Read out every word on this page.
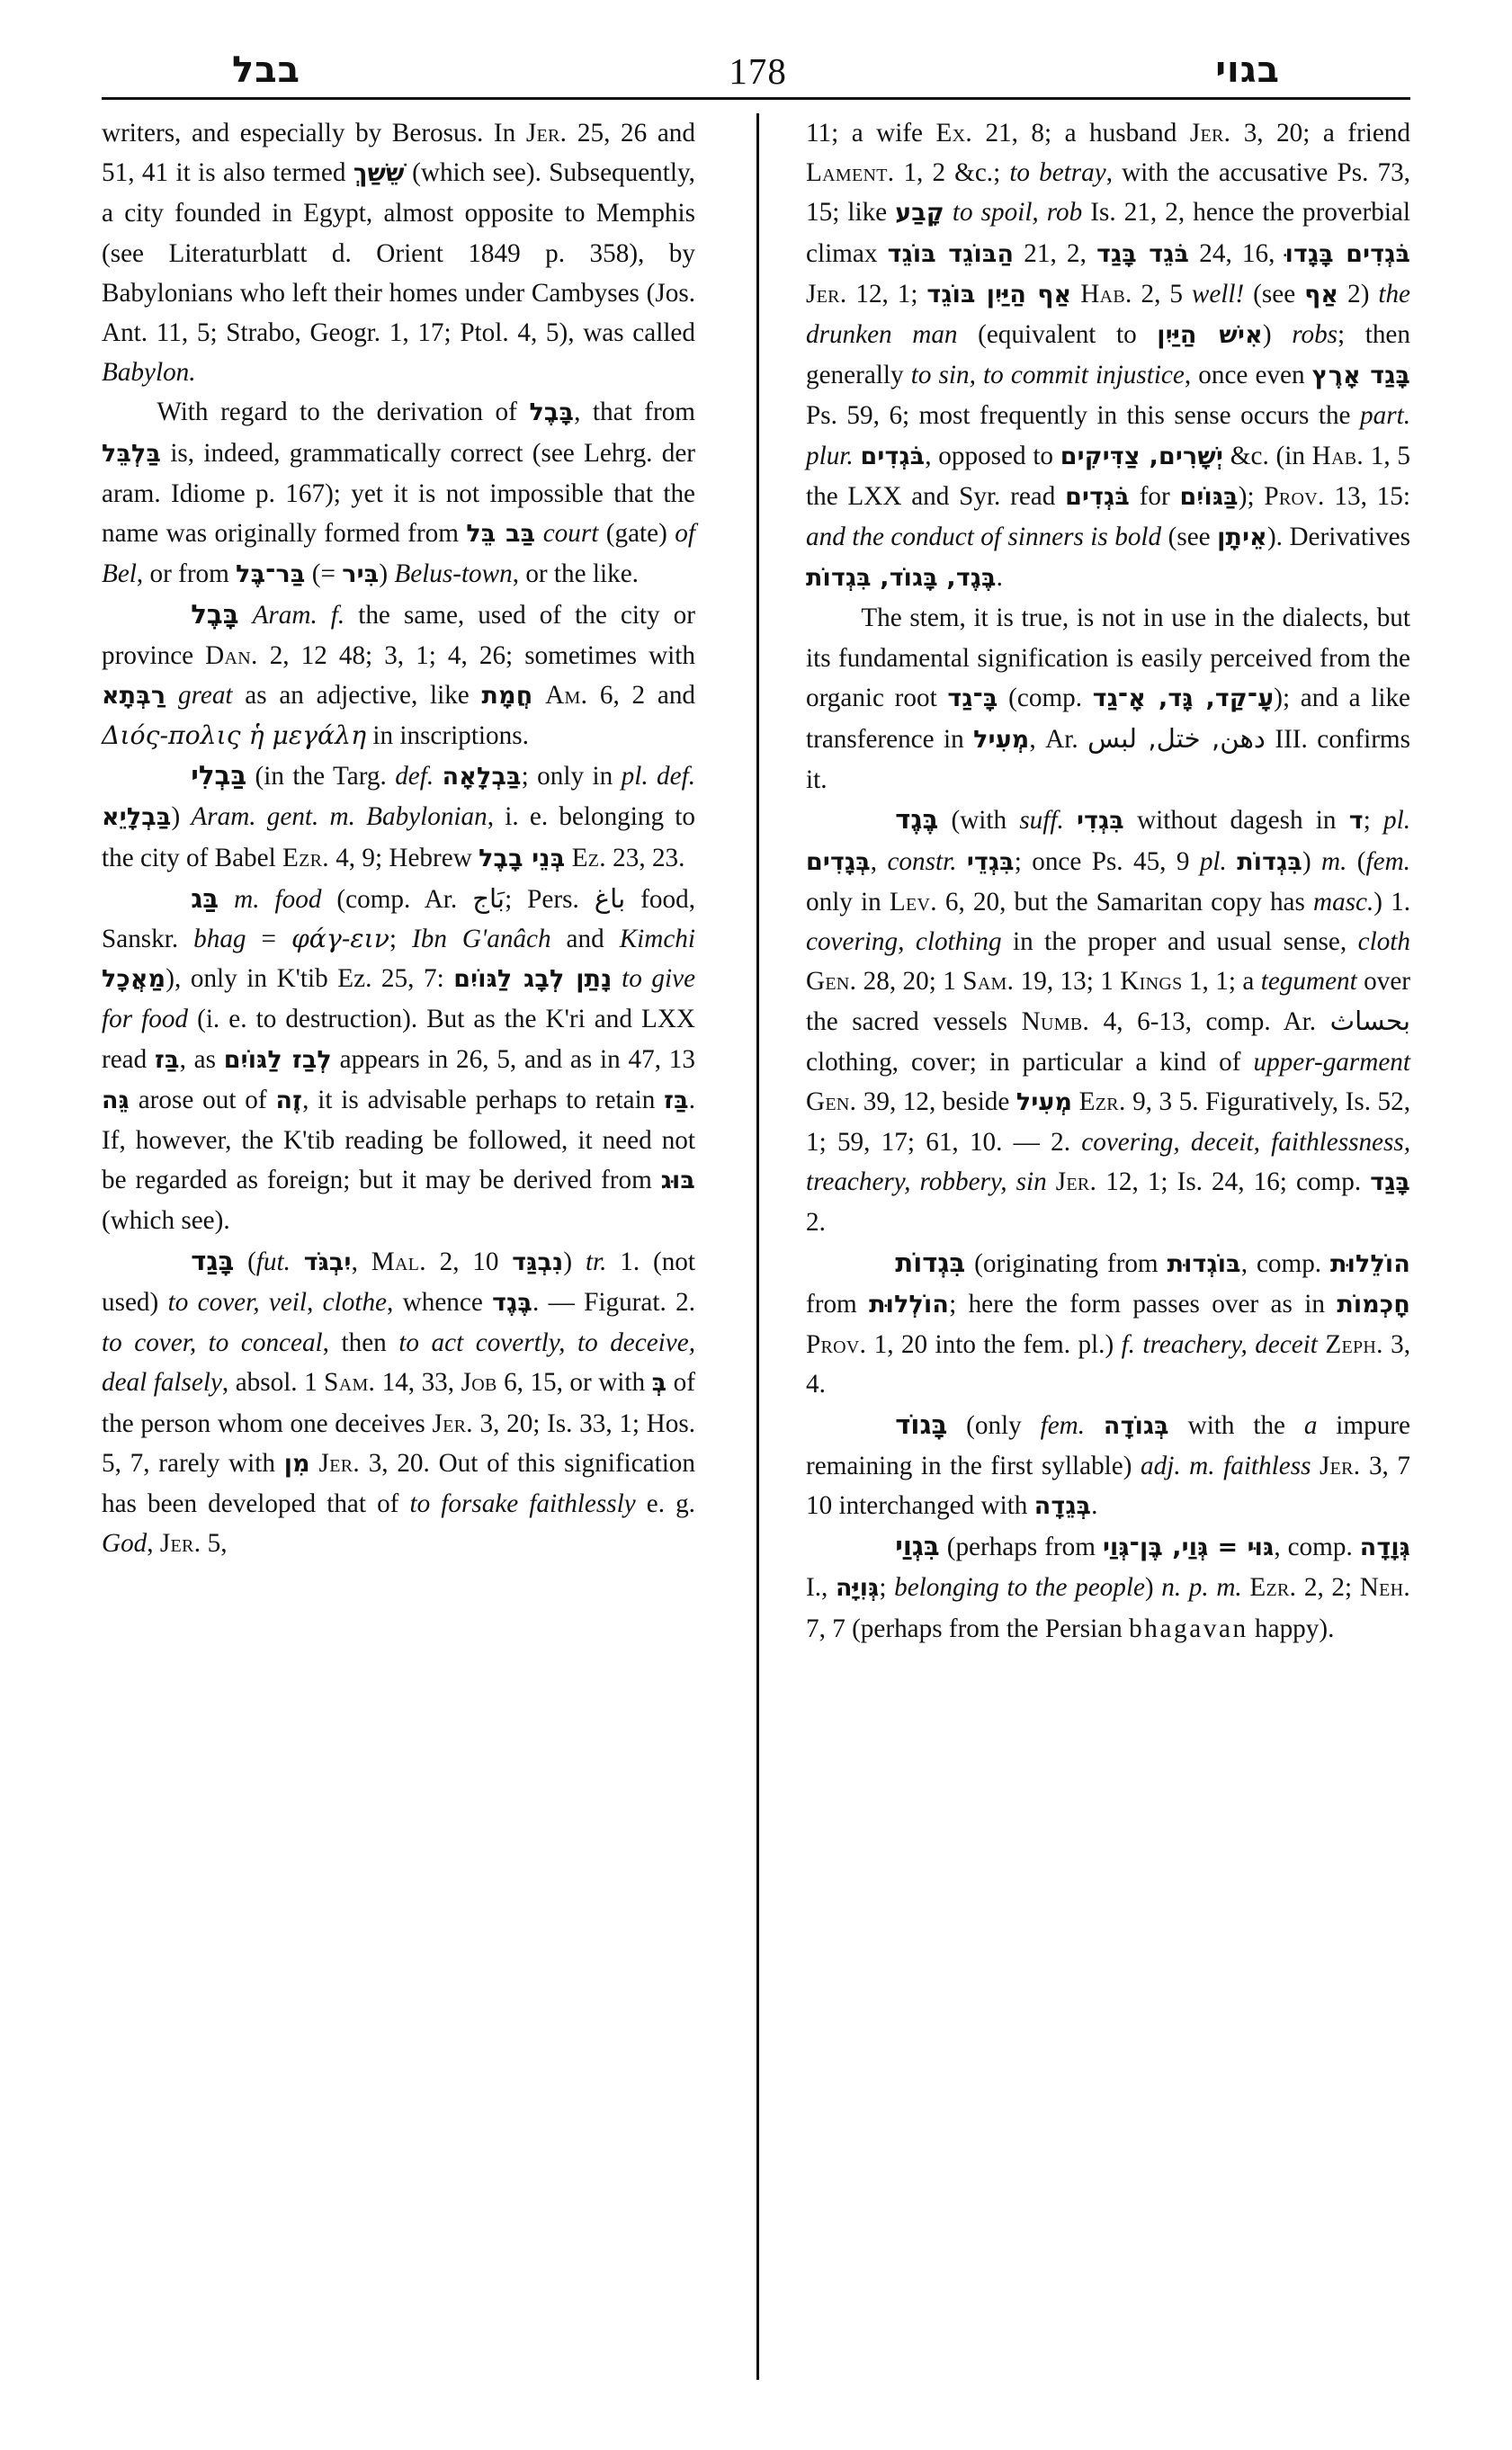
בבל	178	בגוי

writers, and especially by Berosus. In Jer. 25, 26 and 51, 41 it is also termed שֵׁשַׁךְ (which see). Subsequently, a city founded in Egypt, almost opposite to Memphis (see Literaturblatt d. Orient 1849 p. 358), by Babylonians who left their homes under Cambyses (Jos. Ant. 11, 5; Strabo, Geogr. 1, 17; Ptol. 4, 5), was called Babylon.

With regard to the derivation of בָּבֶל, that from בַּלְבֵּל is, indeed, grammatically correct (see Lehrg. der aram. Idiome p. 167); yet it is not impossible that the name was originally formed from בַּב בֵּל court (gate) of Bel, or from בַּר־בֶּל (= בִּיר) Belus-town, or the like.

בָּבֶל Aram. f. the same, used of the city or province Dan. 2, 12 48; 3, 1; 4, 26; sometimes with רַבְּתָא great as an adjective, like חֲמָת Am. 6, 2 and Διός-πολις ἡ μεγάλη in inscriptions.

בַּבְלִי (in the Targ. def. בַּבְלָאָה; only in pl. def. בַּבְלָיֵא) Aram. gent. m. Babylonian, i. e. belonging to the city of Babel Ezr. 4, 9; Hebrew בְּנֵי בָבֶל Ez. 23, 23.

בַּג m. food (comp. Ar. بَاج; Pers. باغ food, Sanskr. bhag = φάγ-ειν; Ibn G'anâch and Kimchi מַאֲכָל), only in K'tib Ez. 25, 7: נָתַן לְבָג לַגּוֹיִם to give for food (i. e. to destruction). But as the K'ri and LXX read בַּז, as לְבַז לַגּוֹיִם appears in 26, 5, and as in 47, 13 גֵּה arose out of זֶה, it is advisable perhaps to retain בַּז. If, however, the K'tib reading be followed, it need not be regarded as foreign; but it may be derived from בּוּג (which see).

בָּגַד (fut. יִבְגֹּד, Mal. 2, 10 נִבְגַּד) tr. 1. (not used) to cover, veil, clothe, whence בֶּגֶד. — Figurat. 2. to cover, to conceal, then to act covertly, to deceive, deal falsely, absol. 1 Sam. 14, 33, Job 6, 15, or with בְּ of the person whom one deceives Jer. 3, 20; Is. 33, 1; Hos. 5, 7, rarely with מִן Jer. 3, 20. Out of this signification has been developed that of to forsake faithlessly e. g. God, Jer. 5,

11; a wife Ex. 21, 8; a husband Jer. 3, 20; a friend Lament. 1, 2 &c.; to betray, with the accusative Ps. 73, 15; like קָבַע to spoil, rob Is. 21, 2, hence the proverbial climax הַבּוֹגֵד בּוֹגֵד 21, 2, בֹּגֵד בָּגַד 24, 16, בֹּגְדִים בָּגָדוּ Jer. 12, 1; אַף הַיַּיִן בּוֹגֵד Hab. 2, 5 well! (see אַף 2) the drunken man (equivalent to אִישׁ הַיַּיִן) robs; then generally to sin, to commit injustice, once even בָּגַד אָרֶץ Ps. 59, 6; most frequently in this sense occurs the part. plur. בֹּגְדִים, opposed to יְשָׁרִים, צַדִּיקִים &c. (in Hab. 1, 5 the LXX and Syr. read בֹּגְדִים for בַּגּוֹיִם); Prov. 13, 15: and the conduct of sinners is bold (see אֵיתָן). Derivatives בֶּגֶד, בָּגוֹד, בִּגְדוֹת.

The stem, it is true, is not in use in the dialects, but its fundamental signification is easily perceived from the organic root בָּ־גַד (comp. עָ־קַד, גָּד, אָ־גַד); and a like transference in מְעִיל, Ar. دهن, ختل, لبس III. confirms it.

בֶּגֶד (with suff. בִּגְדִי without dagesh in ד; pl. בְּגָדִים, constr. בִּגְדֵי; once Ps. 45, 9 pl. בִּגְדוֹת) m. (fem. only in Lev. 6, 20, but the Samaritan copy has masc.) 1. covering, clothing in the proper and usual sense, cloth Gen. 28, 20; 1 Sam. 19, 13; 1 Kings 1, 1; a tegument over the sacred vessels Numb. 4, 6-13, comp. Ar. بحساث clothing, cover; in particular a kind of upper-garment Gen. 39, 12, beside מְעִיל Ezr. 9, 3 5. Figuratively, Is. 52, 1; 59, 17; 61, 10. — 2. covering, deceit, faithlessness, treachery, robbery, sin Jer. 12, 1; Is. 24, 16; comp. בָּגַד 2.

בִּגְדוֹת (originating from בּוֹגְדוּת, comp. הוֹלֵלוּת from הוֹלְלוּת; here the form passes over as in חָכְמוֹת Prov. 1, 20 into the fem. pl.) f. treachery, deceit Zeph. 3, 4.

בָּגוֹד (only fem. בְּגוֹדָה with the a impure remaining in the first syllable) adj. m. faithless Jer. 3, 7 10 interchanged with בְּגֵדָה.

בִּגְוַי (perhaps from גּוּי = גְּוַי, בֶּן־גְּוַי, comp. גְּוָדָה I., גְּוִיָּה; belonging to the people) n. p. m. Ezr. 2, 2; Neh. 7, 7 (perhaps from the Persian bhagavan happy).
